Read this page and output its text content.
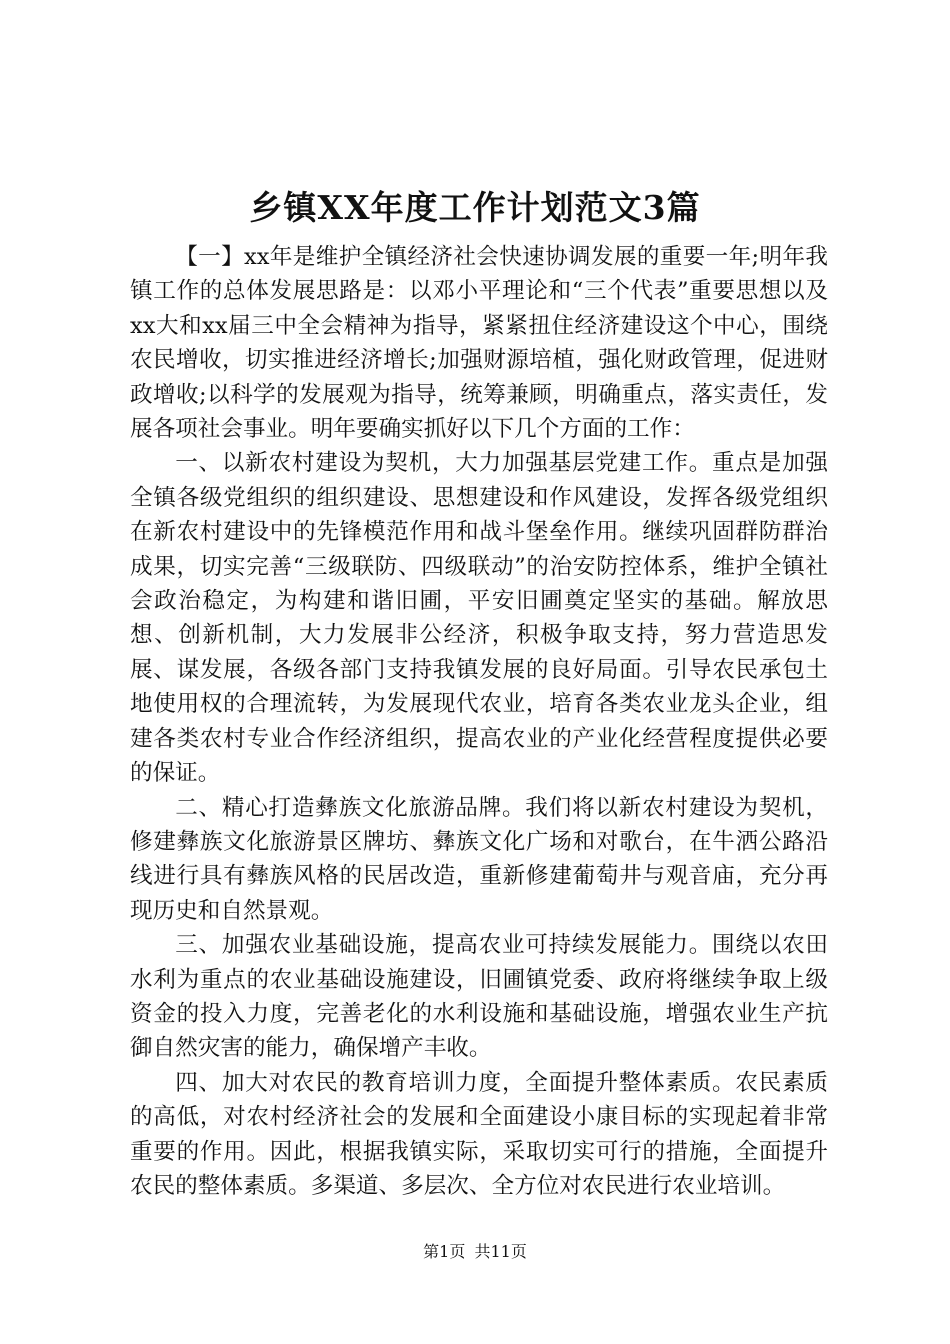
乡镇XX年度工作计划范文3篇

【一】xx年是维护全镇经济社会快速协调发展的重要一年;明年我镇工作的总体发展思路是：以邓小平理论和“三个代表”重要思想以及xx大和xx届三中全会精神为指导，紧紧扭住经济建设这个中心，围绕农民增收，切实推进经济增长;加强财源培植，强化财政管理，促进财政增收;以科学的发展观为指导，统筹兼顾，明确重点，落实责任，发展各项社会事业。明年要确实抓好以下几个方面的工作：

一、以新农村建设为契机，大力加强基层党建工作。重点是加强全镇各级党组织的组织建设、思想建设和作风建设，发挥各级党组织在新农村建设中的先锋模范作用和战斗堡垒作用。继续巩固群防群治成果，切实完善“三级联防、四级联动”的治安防控体系，维护全镇社会政治稳定，为构建和谐旧圃，平安旧圃奠定坚实的基础。解放思想、创新机制，大力发展非公经济，积极争取支持，努力营造思发展、谋发展，各级各部门支持我镇发展的良好局面。引导农民承包土地使用权的合理流转，为发展现代农业，培育各类农业龙头企业，组建各类农村专业合作经济组织，提高农业的产业化经营程度提供必要的保证。

二、精心打造彝族文化旅游品牌。我们将以新农村建设为契机，修建彝族文化旅游景区牌坊、彝族文化广场和对歌台，在牛洒公路沿线进行具有彝族风格的民居改造，重新修建葡萄井与观音庙，充分再现历史和自然景观。

三、加强农业基础设施，提高农业可持续发展能力。围绕以农田水利为重点的农业基础设施建设，旧圃镇党委、政府将继续争取上级资金的投入力度，完善老化的水利设施和基础设施，增强农业生产抗御自然灾害的能力，确保增产丰收。

四、加大对农民的教育培训力度，全面提升整体素质。农民素质的高低，对农村经济社会的发展和全面建设小康目标的实现起着非常重要的作用。因此，根据我镇实际，采取切实可行的措施，全面提升农民的整体素质。多渠道、多层次、全方位对农民进行农业培训。

第1页 共11页
